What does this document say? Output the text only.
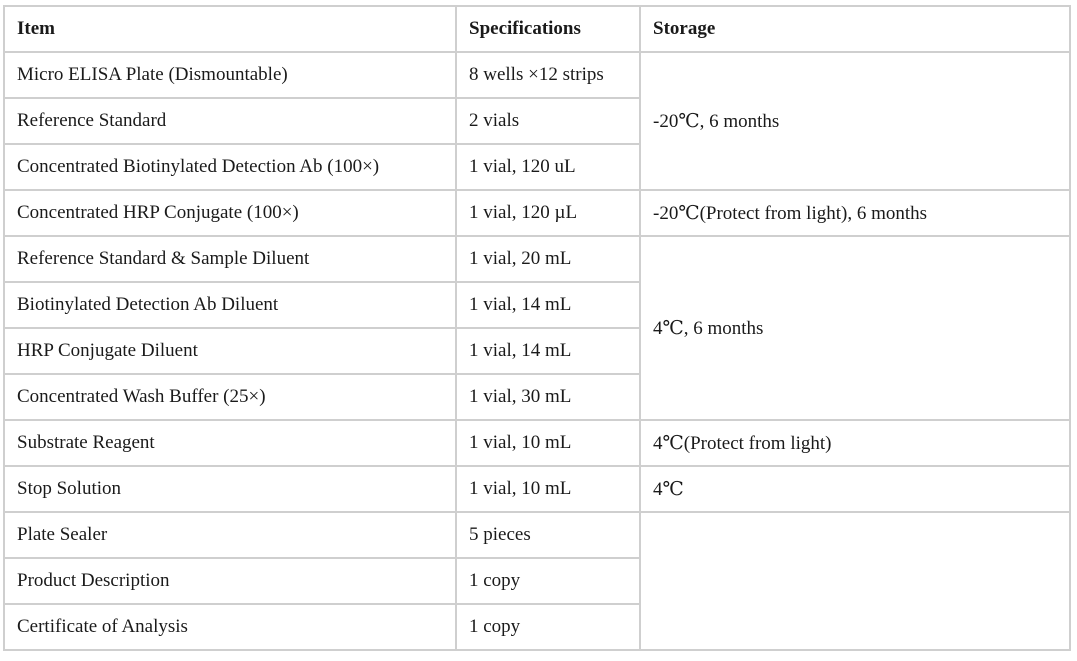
Item	Specifications	Storage
Micro ELISA Plate (Dismountable)	8 wells ×12 strips	-20℃, 6 months
Reference Standard	2 vials	
Concentrated Biotinylated Detection Ab (100×)	1 vial, 120 uL	
Concentrated HRP Conjugate (100×)	1 vial, 120 µL	-20℃(Protect from light), 6 months
Reference Standard & Sample Diluent	1 vial, 20 mL	4℃, 6 months
Biotinylated Detection Ab Diluent	1 vial, 14 mL	
HRP Conjugate Diluent	1 vial, 14 mL	
Concentrated Wash Buffer (25×)	1 vial, 30 mL	
Substrate Reagent	1 vial, 10 mL	4℃(Protect from light)
Stop Solution	1 vial, 10 mL	4℃
Plate Sealer	5 pieces	
Product Description	1 copy	
Certificate of Analysis	1 copy	
